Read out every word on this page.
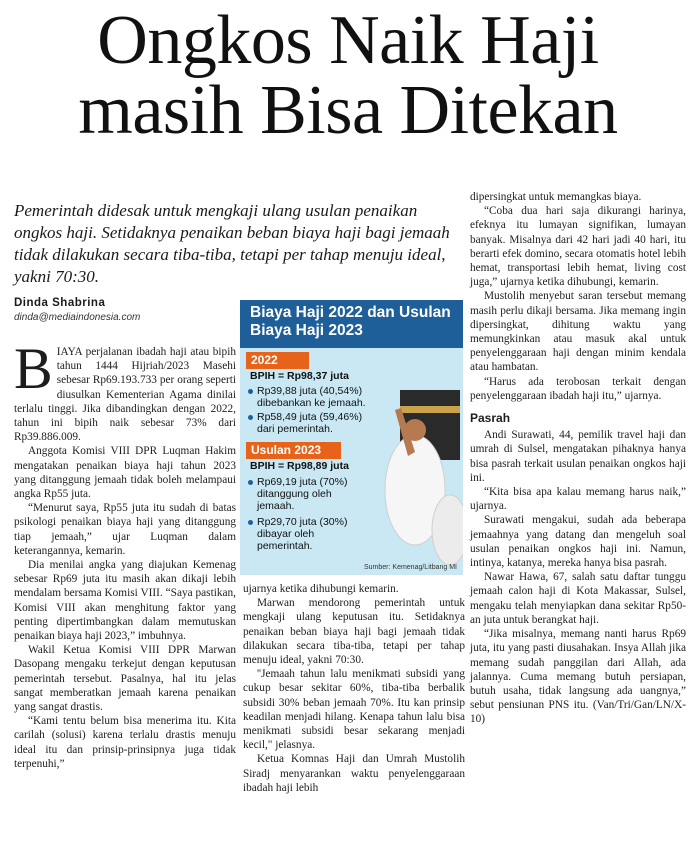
Ongkos Naik Haji
masih Bisa Ditekan
Pemerintah didesak untuk mengkaji ulang usulan penaikan ongkos haji. Setidaknya penaikan beban biaya haji bagi jemaah tidak dilakukan secara tiba-tiba, tetapi per tahap menuju ideal, yakni 70:30.
Dinda Shabrina
dinda@mediaindonesia.com

BIAYA perjalanan ibadah haji atau bipih tahun 1444 Hijriah/2023 Masehi sebesar Rp69.193.733 per orang seperti diusulkan Kementerian Agama dinilai terlalu tinggi. Jika dibandingkan dengan 2022, tahun ini bipih naik sebesar 73% dari Rp39.886.009.

Anggota Komisi VIII DPR Luqman Hakim mengatakan penaikan biaya haji tahun 2023 yang ditanggung jemaah tidak boleh melampaui angka Rp55 juta.

“Menurut saya, Rp55 juta itu sudah di batas psikologi penaikan biaya haji yang ditanggung tiap jemaah,” ujar Luqman dalam keterangannya, kemarin.

Dia menilai angka yang diajukan Kemenag sebesar Rp69 juta itu masih akan dikaji lebih mendalam bersama Komisi VIII. “Saya pastikan, Komisi VIII akan menghitung faktor yang penting dipertimbangkan dalam memutuskan penaikan biaya haji 2023,” imbuhnya.

Wakil Ketua Komisi VIII DPR Marwan Dasopang mengaku terkejut dengan keputusan pemerintah tersebut. Pasalnya, hal itu jelas sangat memberatkan jemaah karena penaikan yang sangat drastis.

“Kami tentu belum bisa menerima itu. Kita carilah (solusi) karena terlalu drastis menuju ideal itu dan prinsip-prinsipnya juga tidak terpenuhi,”

Biaya Haji 2022 dan Usulan Biaya Haji 2023
2022
BPIH = Rp98,37 juta
Rp39,88 juta (40,54%)
dibebankan ke jemaah.
Rp58,49 juta (59,46%)
dari pemerintah.
Usulan 2023
BPIH = Rp98,89 juta
Rp69,19 juta (70%)
ditanggung oleh
jemaah.
Rp29,70 juta (30%)
dibayar oleh
pemerintah.
Sumber: Kemenag/Litbang MI

ujarnya ketika dihubungi kemarin.

Marwan mendorong pemerintah untuk mengkaji ulang keputusan itu. Setidaknya penaikan beban biaya haji bagi jemaah tidak dilakukan secara tiba-tiba, tetapi per tahap menuju ideal, yakni 70:30.

''Jemaah tahun lalu menikmati subsidi yang cukup besar sekitar 60%, tiba-tiba berbalik subsidi 30% beban jemaah 70%. Itu kan prinsip keadilan menjadi hilang. Kenapa tahun lalu bisa menikmati subsidi besar sekarang menjadi kecil," jelasnya.

Ketua Komnas Haji dan Umrah Mustolih Siradj menyarankan waktu penyelenggaraan ibadah haji lebih

dipersingkat untuk memangkas biaya.

“Coba dua hari saja dikurangi harinya, efeknya itu lumayan signifikan, lumayan banyak. Misalnya dari 42 hari jadi 40 hari, itu berarti efek domino, secara otomatis hotel lebih hemat, transportasi lebih hemat, living cost juga,” ujarnya ketika dihubungi, kemarin.

Mustolih menyebut saran tersebut memang masih perlu dikaji bersama. Jika memang ingin dipersingkat, dihitung waktu yang memungkinkan atau masuk akal untuk penyelenggaraan haji dengan minim kendala atau hambatan.

“Harus ada terobosan terkait dengan penyelenggaraan ibadah haji itu,” ujarnya.

Pasrah

Andi Surawati, 44, pemilik travel haji dan umrah di Sulsel, mengatakan pihaknya hanya bisa pasrah terkait usulan penaikan ongkos haji ini.

“Kita bisa apa kalau memang harus naik,” ujarnya.

Surawati mengakui, sudah ada beberapa jemaahnya yang datang dan mengeluh soal usulan penaikan ongkos haji ini. Namun, intinya, katanya, mereka hanya bisa pasrah.

Nawar Hawa, 67, salah satu daftar tunggu jemaah calon haji di Kota Makassar, Sulsel, mengaku telah menyiapkan dana sekitar Rp50-an juta untuk berangkat haji.

“Jika misalnya, memang nanti harus Rp69 juta, itu yang pasti diusahakan. Insya Allah jika memang sudah panggilan dari Allah, ada jalannya. Cuma memang butuh persiapan, butuh usaha, tidak langsung ada uangnya,” sebut pensiunan PNS itu. (Van/Tri/Gan/LN/X-10)
